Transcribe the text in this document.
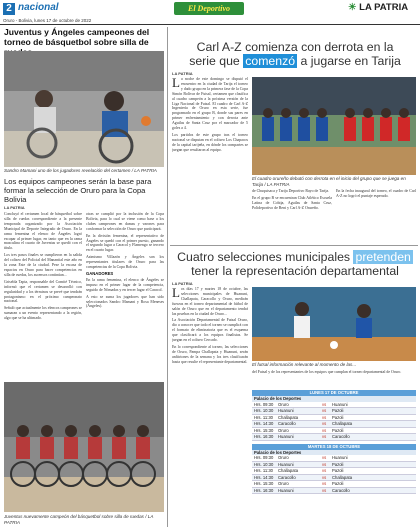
2 nacional
Oruro - Bolivia, lunes 17 de octubre de 2022
El Deportivo	☀ LA PATRIA
Juventus y Ángeles campeones del torneo de básquetbol sobre silla de
Sandro Mamani uno de los jugadores revelación del certamen / LA PATRIA
Los equipos campeones serán la base para formar la selección de Oruro para la Copa Bolivia
LA PATRIA

Concluyó el certamen local de básquetbol sobre silla de ruedas correspondiente a la presente temporada organizado por la Asociación Municipal de Deporte Integrado de Oruro. En la rama femenina el elenco de Ángeles logró escapar al primer lugar, en tanto que en la rama masculina el cuarto de Juventus se quedó con el título.

Los tres pasos finales se cumplieron en la salida del coliseo del Policial del Manantial este año en la zona Este de la ciudad. Pese la escasa de espacios en Oruro para hacer competencias en silla de ruedas, los ascensos continúan...

Griselda Tapia, responsable del Comité Técnico, informó que el certamen se desarrolló con regularidad y a los términos se prevé que tendrán protagonismo en el próximo campeonato nacional.

Señaló que actualmente los elencos campeones se sumaran a un evento representando a la región, algo que se ha ultimado.

otras se cumplió por la inclusión de la Copa Bolivia, para lo cual se viene como base a los clubes campeones en damas y varones para conformar la selección de Oruro que participará.

En la división femenina, el representativo de Ángeles se quedó con el primer puesto, ganando el segundo lugar a Caracol y Flamengo se tercero en el cuarto lugar.

Asimismo Villazón y Ángeles son los representantes titulares de Oruro para las competencias de la Copa Bolivia.

GANADORES

En la rama femenina, el elenco de Ángeles se impuso en el primer lugar de la competencia, seguido de Nómadas y en tercer lugar el Caracol.

A esto se suma los jugadores que han sido seleccionados Sandro Mamani y Rosa Meneses (Ángeles).

Juventus nuevamente campeón del básquetbol sobre silla de ruedas / LA PATRIA
Carl A-Z comienza con derrota en la
serie que comenzó a jugarse en Tarija
LA PATRIA
L a noche de este domingo se disputó el encuentro en la ciudad de Tarija el torneo y dado grupo en la primera fase de la Copa Simón Bolívar de Futsal, certamen que clasifica al cuadro campeón a la próxima versión de la Liga Nacional de Futsal. El cuadro de Carl A-Z Ingeniería de Oruro en esta serie, fue programado en el grupo B, donde sus pares en primer enfrentamiento y con derrota ante Aguilas de Santa Cruz por el marcador de 5 goles a 4.

Los partidos de este grupo tras el torneo nacional se disputan en el coliseo Los Chapacos de la capital tarijeña, en dónde los compartes se juegan que resultaron al equipo.

El cuadro orureño debutó con derrota en el inicio del grupo que se juega en Tarija / LA PATRIA

de Chuquisaca y Tarija Deportivo Rayo de Tarija.

En el grupo B se encuentran Club Atlético Escuela Latina de Cobija, Aguilas de Santa Cruz, Polideportivo de Beni y Carl A-Z Orureño.

En la fecha inaugural del torneo, el cuadro de Carl A-Z no logró el puntaje esperado.

Cuatro selecciones municipales pretenden
tener la representación departamental
LA PATRIA
L os días 17 y martes 18 de octubre, las selecciones municipales de Huanuni, Challapata, Caracollo y Oruro, medirán fuerzas en el torneo departamental de fútbol de salón de Oruro que en el departamento tendrá las pruebas en la ciudad de Oruro...

La Asociación Departamental de Futsal Oruro, dio a conocer que todo el torneo se cumplirá con el formato de eliminatoria que es el esquema que clasificará a los equipos finalistas. Se juegan en el coliseo Cercado.

En lo correspondiente al torneo, las selecciones de Oruro, Pampa Challapata y Huanuni, serán anfitriones de la semana y los tres clasificarán hasta que resulte el representante departamental.

El futsal información relevante al momento de las...
del Futsal y de los representantes de los equipos que cumplan el torneo departamental de Oruro.
LUNES 17 DE OCTUBRE
Palacio de los Deportes
Hrs. 09:30	Oruro	vs	Huanuni
Hrs. 10:30	Huanuni	vs	Pazoli
Hrs. 11:30	Challapata	vs	Pazoli
Hrs. 14:30	Caracollo	vs	Challapata
Hrs. 15:30	Oruro	vs	Pazoli
Hrs. 16:30	Huanuni	vs	Caracollo
MARTES 18 DE OCTUBRE
Palacio de los Deportes
Hrs. 09:30	Oruro	vs	Huanuni
Hrs. 10:30	Huanuni	vs	Pazoli
Hrs. 11:30	Challapata	vs	Pazoli
Hrs. 14:30	Caracollo	vs	Challapata
Hrs. 15:30	Oruro	vs	Pazoli
Hrs. 16:30	Huanuni	vs	Caracollo
